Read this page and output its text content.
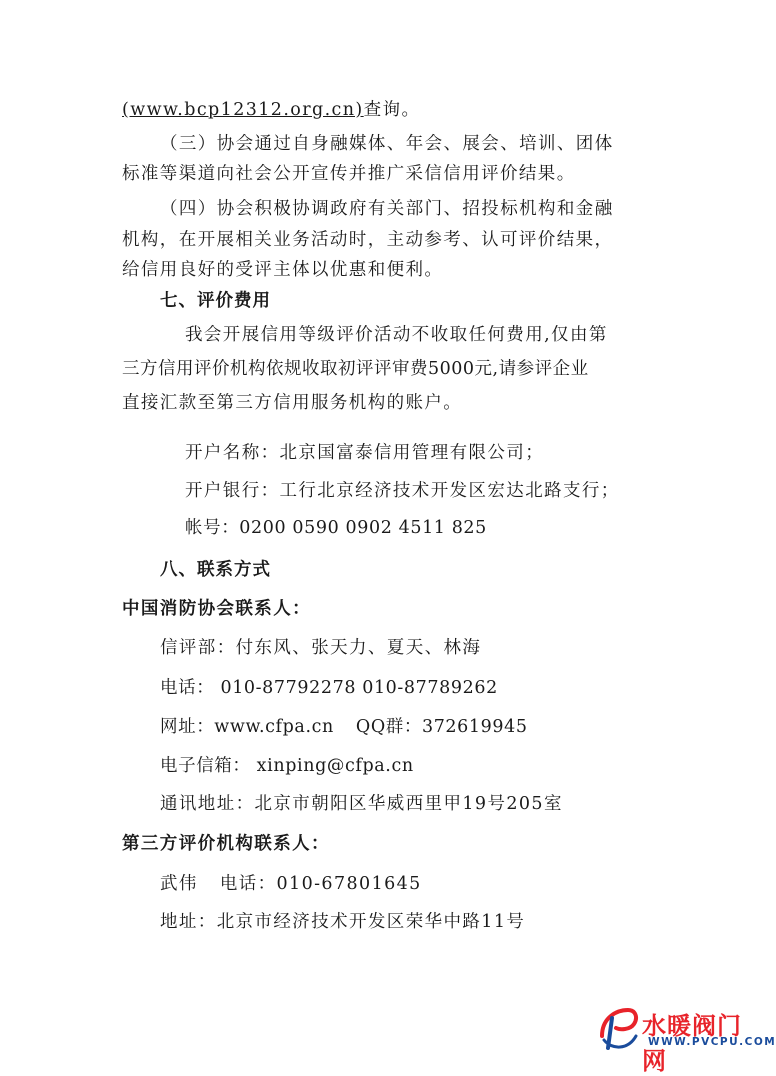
(www.bcp12312.org.cn)查询。
（三）协会通过自身融媒体、年会、展会、培训、团体
标准等渠道向社会公开宣传并推广采信信用评价结果。
（四）协会积极协调政府有关部门、招投标机构和金融
机构，在开展相关业务活动时，主动参考、认可评价结果，
给信用良好的受评主体以优惠和便利。
七、评价费用
我会开展信用等级评价活动不收取任何费用,仅由第
三方信用评价机构依规收取初评评审费5000元,请参评企业
直接汇款至第三方信用服务机构的账户。
开户名称：北京国富泰信用管理有限公司；
开户银行：工行北京经济技术开发区宏达北路支行；
帐号：0200 0590 0902 4511 825
八、联系方式
中国消防协会联系人：
信评部：付东风、张天力、夏天、林海
电话： 010-87792278 010-87789262
网址：www.cfpa.cn QQ群：372619945
电子信箱： xinping@cfpa.cn
通讯地址：北京市朝阳区华威西里甲19号205室
第三方评价机构联系人：
武伟 电话：010-67801645
地址：北京市经济技术开发区荣华中路11号
水暖阀门网
WWW.PVCPU.COM
